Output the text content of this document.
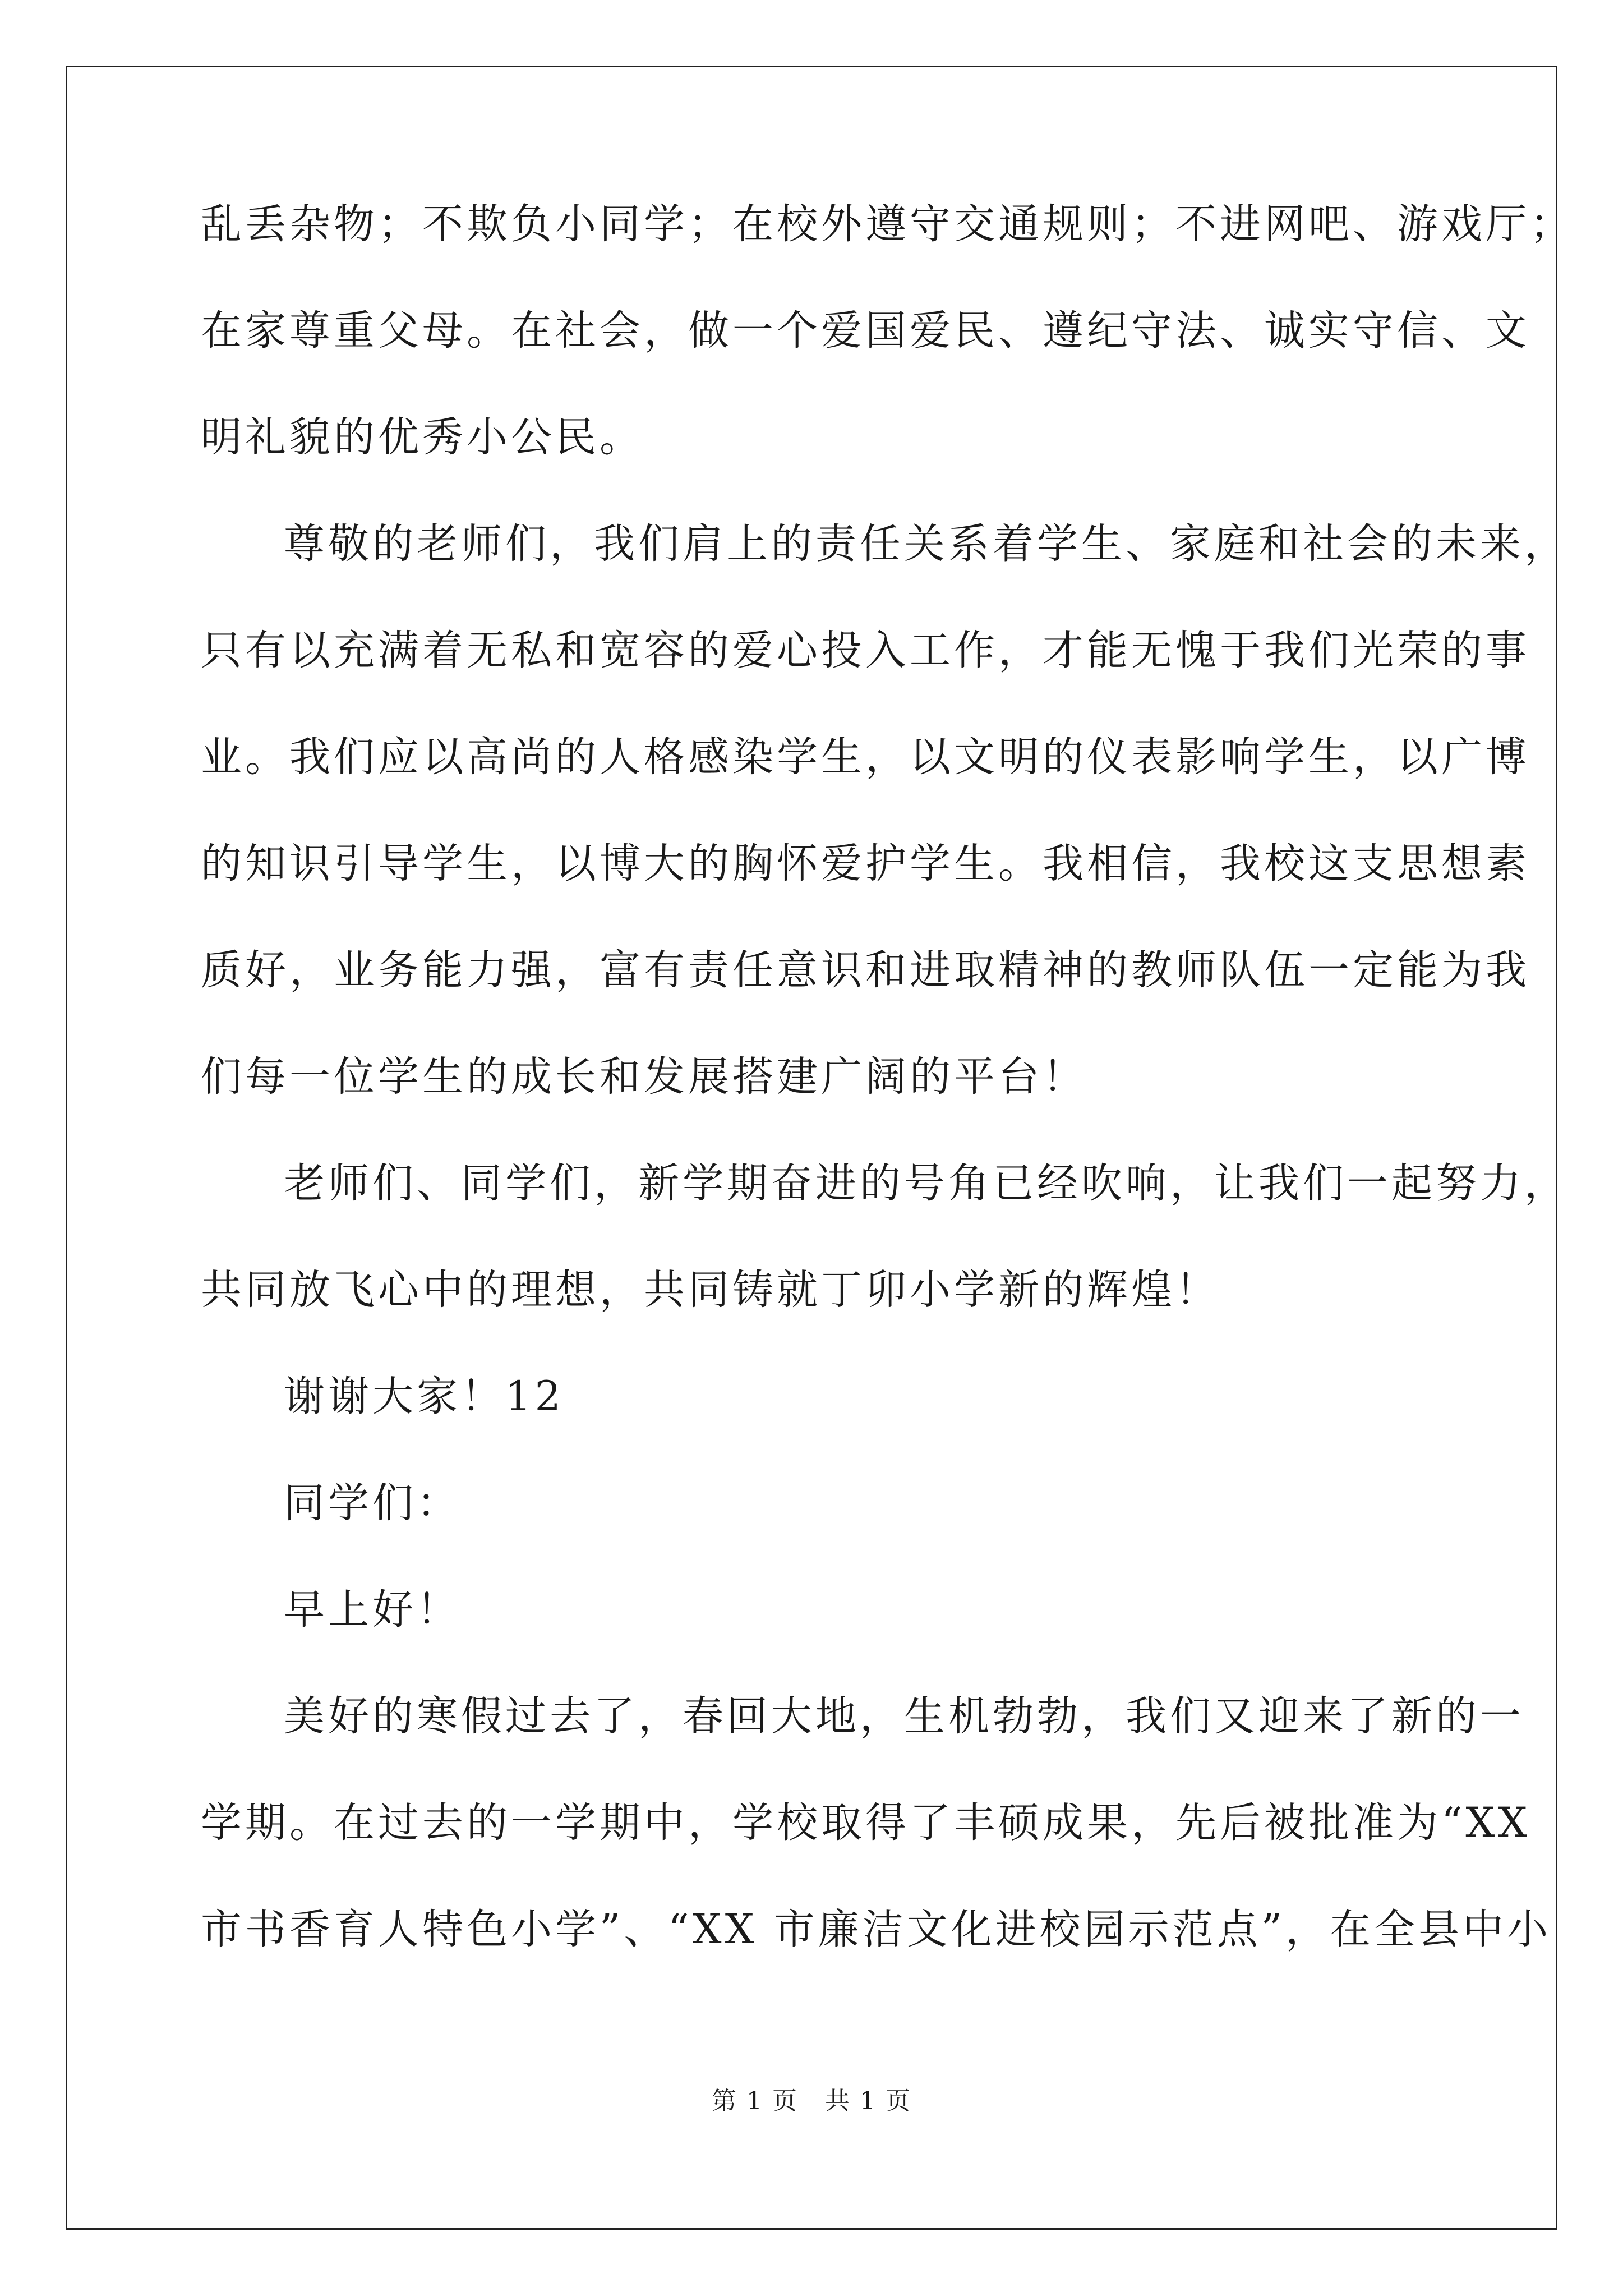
乱丢杂物；不欺负小同学；在校外遵守交通规则；不进网吧、游戏厅；
在家尊重父母。在社会，做一个爱国爱民、遵纪守法、诚实守信、文
明礼貌的优秀小公民。
尊敬的老师们，我们肩上的责任关系着学生、家庭和社会的未来，
只有以充满着无私和宽容的爱心投入工作，才能无愧于我们光荣的事
业。我们应以高尚的人格感染学生，以文明的仪表影响学生，以广博
的知识引导学生，以博大的胸怀爱护学生。我相信，我校这支思想素
质好，业务能力强，富有责任意识和进取精神的教师队伍一定能为我
们每一位学生的成长和发展搭建广阔的平台！
老师们、同学们，新学期奋进的号角已经吹响，让我们一起努力，
共同放飞心中的理想，共同铸就丁卯小学新的辉煌！
谢谢大家！12
同学们：
早上好！
美好的寒假过去了，春回大地，生机勃勃，我们又迎来了新的一
学期。在过去的一学期中，学校取得了丰硕成果，先后被批准为“XX
市书香育人特色小学”、“XX 市廉洁文化进校园示范点”，在全县中小
第 1 页   共 1 页
